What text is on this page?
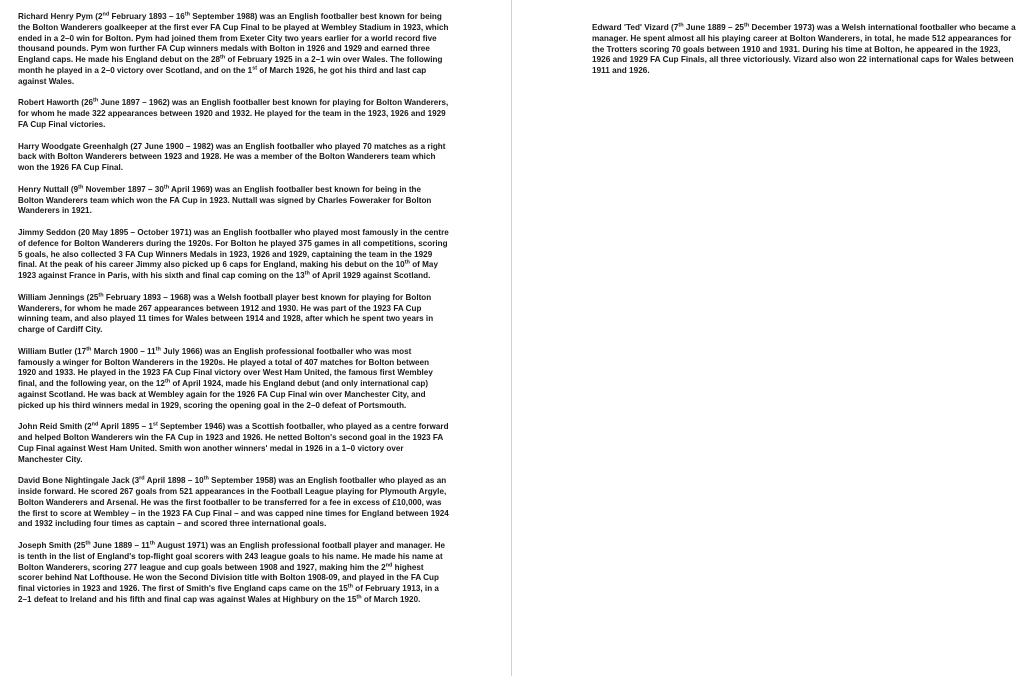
Richard Henry Pym (2nd February 1893 – 16th September 1988) was an English footballer best known for being the Bolton Wanderers goalkeeper at the first ever FA Cup Final to be played at Wembley Stadium in 1923, which ended in a 2–0 win for Bolton. Pym had joined them from Exeter City two years earlier for a world record five thousand pounds. Pym won further FA Cup winners medals with Bolton in 1926 and 1929 and earned three England caps. He made his England debut on the 28th of February 1925 in a 2–1 win over Wales. The following month he played in a 2–0 victory over Scotland, and on the 1st of March 1926, he got his third and last cap against Wales.

Robert Haworth (26th June 1897 – 1962) was an English footballer best known for playing for Bolton Wanderers, for whom he made 322 appearances between 1920 and 1932. He played for the team in the 1923, 1926 and 1929 FA Cup Final victories.

Harry Woodgate Greenhalgh (27 June 1900 – 1982) was an English footballer who played 70 matches as a right back with Bolton Wanderers between 1923 and 1928. He was a member of the Bolton Wanderers team which won the 1926 FA Cup Final.

Henry Nuttall (9th November 1897 – 30th April 1969) was an English footballer best known for being in the Bolton Wanderers team which won the FA Cup in 1923. Nuttall was signed by Charles Foweraker for Bolton Wanderers in 1921.

Jimmy Seddon (20 May 1895 – October 1971) was an English footballer who played most famously in the centre of defence for Bolton Wanderers during the 1920s. For Bolton he played 375 games in all competitions, scoring 5 goals, he also collected 3 FA Cup Winners Medals in 1923, 1926 and 1929, captaining the team in the 1929 final. At the peak of his career Jimmy also picked up 6 caps for England, making his debut on the 10th of May 1923 against France in Paris, with his sixth and final cap coming on the 13th of April 1929 against Scotland.

William Jennings (25th February 1893 – 1968) was a Welsh football player best known for playing for Bolton Wanderers, for whom he made 267 appearances between 1912 and 1930. He was part of the 1923 FA Cup winning team, and also played 11 times for Wales between 1914 and 1928, after which he spent two years in charge of Cardiff City.

William Butler (17th March 1900 – 11th July 1966) was an English professional footballer who was most famously a winger for Bolton Wanderers in the 1920s. He played a total of 407 matches for Bolton between 1920 and 1933. He played in the 1923 FA Cup Final victory over West Ham United, the famous first Wembley final, and the following year, on the 12th of April 1924, made his England debut (and only international cap) against Scotland. He was back at Wembley again for the 1926 FA Cup Final win over Manchester City, and picked up his third winners medal in 1929, scoring the opening goal in the 2–0 defeat of Portsmouth.

John Reid Smith (2nd April 1895 – 1st September 1946) was a Scottish footballer, who played as a centre forward and helped Bolton Wanderers win the FA Cup in 1923 and 1926. He netted Bolton's second goal in the 1923 FA Cup Final against West Ham United. Smith won another winners' medal in 1926 in a 1–0 victory over Manchester City.

David Bone Nightingale Jack (3rd April 1898 – 10th September 1958) was an English footballer who played as an inside forward. He scored 267 goals from 521 appearances in the Football League playing for Plymouth Argyle, Bolton Wanderers and Arsenal. He was the first footballer to be transferred for a fee in excess of £10,000, was the first to score at Wembley – in the 1923 FA Cup Final – and was capped nine times for England between 1924 and 1932 including four times as captain – and scored three international goals.

Joseph Smith (25th June 1889 – 11th August 1971) was an English professional football player and manager. He is tenth in the list of England's top-flight goal scorers with 243 league goals to his name. He made his name at Bolton Wanderers, scoring 277 league and cup goals between 1908 and 1927, making him the 2nd highest scorer behind Nat Lofthouse. He won the Second Division title with Bolton 1908-09, and played in the FA Cup final victories in 1923 and 1926. The first of Smith's five England caps came on the 15th of February 1913, in a 2–1 defeat to Ireland and his fifth and final cap was against Wales at Highbury on the 15th of March 1920.

Edward 'Ted' Vizard (7th June 1889 – 25th December 1973) was a Welsh international footballer who became a manager. He spent almost all his playing career at Bolton Wanderers, in total, he made 512 appearances for the Trotters scoring 70 goals between 1910 and 1931. During his time at Bolton, he appeared in the 1923, 1926 and 1929 FA Cup Finals, all three victoriously. Vizard also won 22 international caps for Wales between 1911 and 1926.
